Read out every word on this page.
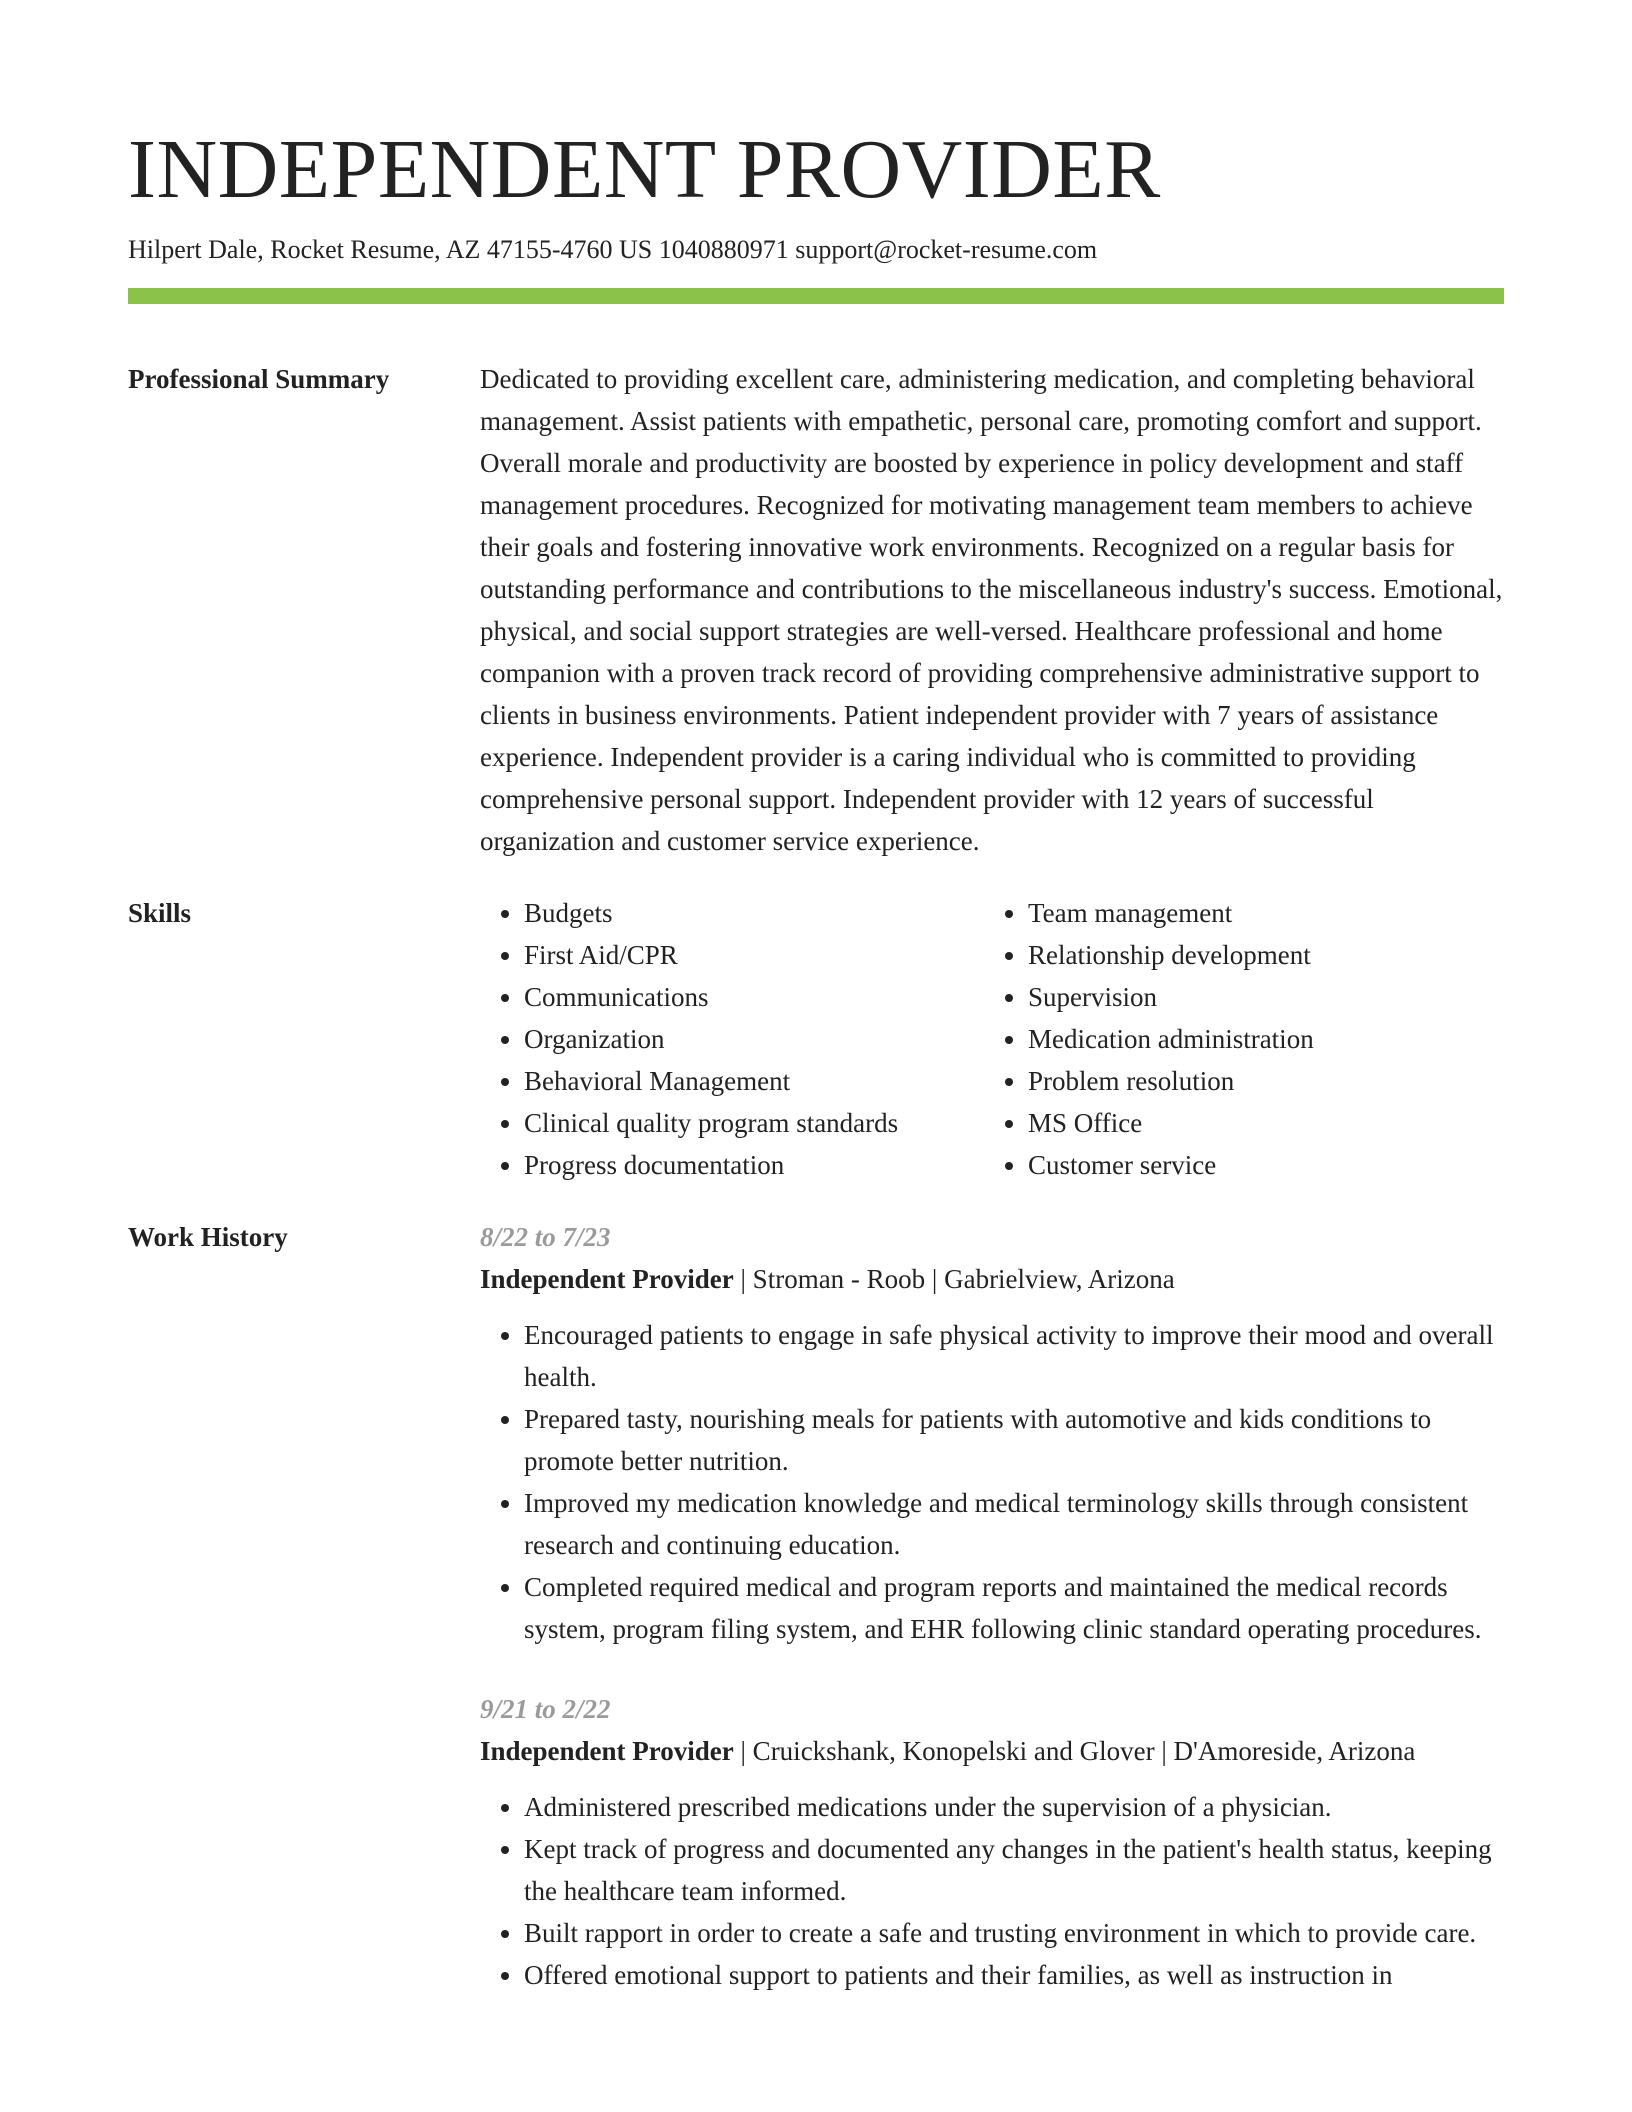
INDEPENDENT PROVIDER
Hilpert Dale, Rocket Resume, AZ 47155-4760 US 1040880971 support@rocket-resume.com
Professional Summary	Dedicated to providing excellent care, administering medication, and completing behavioral management. Assist patients with empathetic, personal care, promoting comfort and support. Overall morale and productivity are boosted by experience in policy development and staff management procedures. Recognized for motivating management team members to achieve their goals and fostering innovative work environments. Recognized on a regular basis for outstanding performance and contributions to the miscellaneous industry's success. Emotional, physical, and social support strategies are well-versed. Healthcare professional and home companion with a proven track record of providing comprehensive administrative support to clients in business environments. Patient independent provider with 7 years of assistance experience. Independent provider is a caring individual who is committed to providing comprehensive personal support. Independent provider with 12 years of successful organization and customer service experience.

Skills
•	Budgets
• First Aid/CPR
• Communications
• Organization
• Behavioral Management
• Clinical quality program standards
• Progress documentation
• Team management
• Relationship development
• Supervision
• Medication administration
• Problem resolution
• MS Office
• Customer service
Work History	8/22 to 7/23
Independent Provider | Stroman - Roob | Gabrielview, Arizona
• Encouraged patients to engage in safe physical activity to improve their mood and overall health.
• Prepared tasty, nourishing meals for patients with automotive and kids conditions to promote better nutrition.
• Improved my medication knowledge and medical terminology skills through consistent research and continuing education.
• Completed required medical and program reports and maintained the medical records system, program filing system, and EHR following clinic standard operating procedures.
9/21 to 2/22
Independent Provider | Cruickshank, Konopelski and Glover | D'Amoreside, Arizona
• Administered prescribed medications under the supervision of a physician.
• Kept track of progress and documented any changes in the patient's health status, keeping the healthcare team informed.
• Built rapport in order to create a safe and trusting environment in which to provide care.
• Offered emotional support to patients and their families, as well as instruction in
